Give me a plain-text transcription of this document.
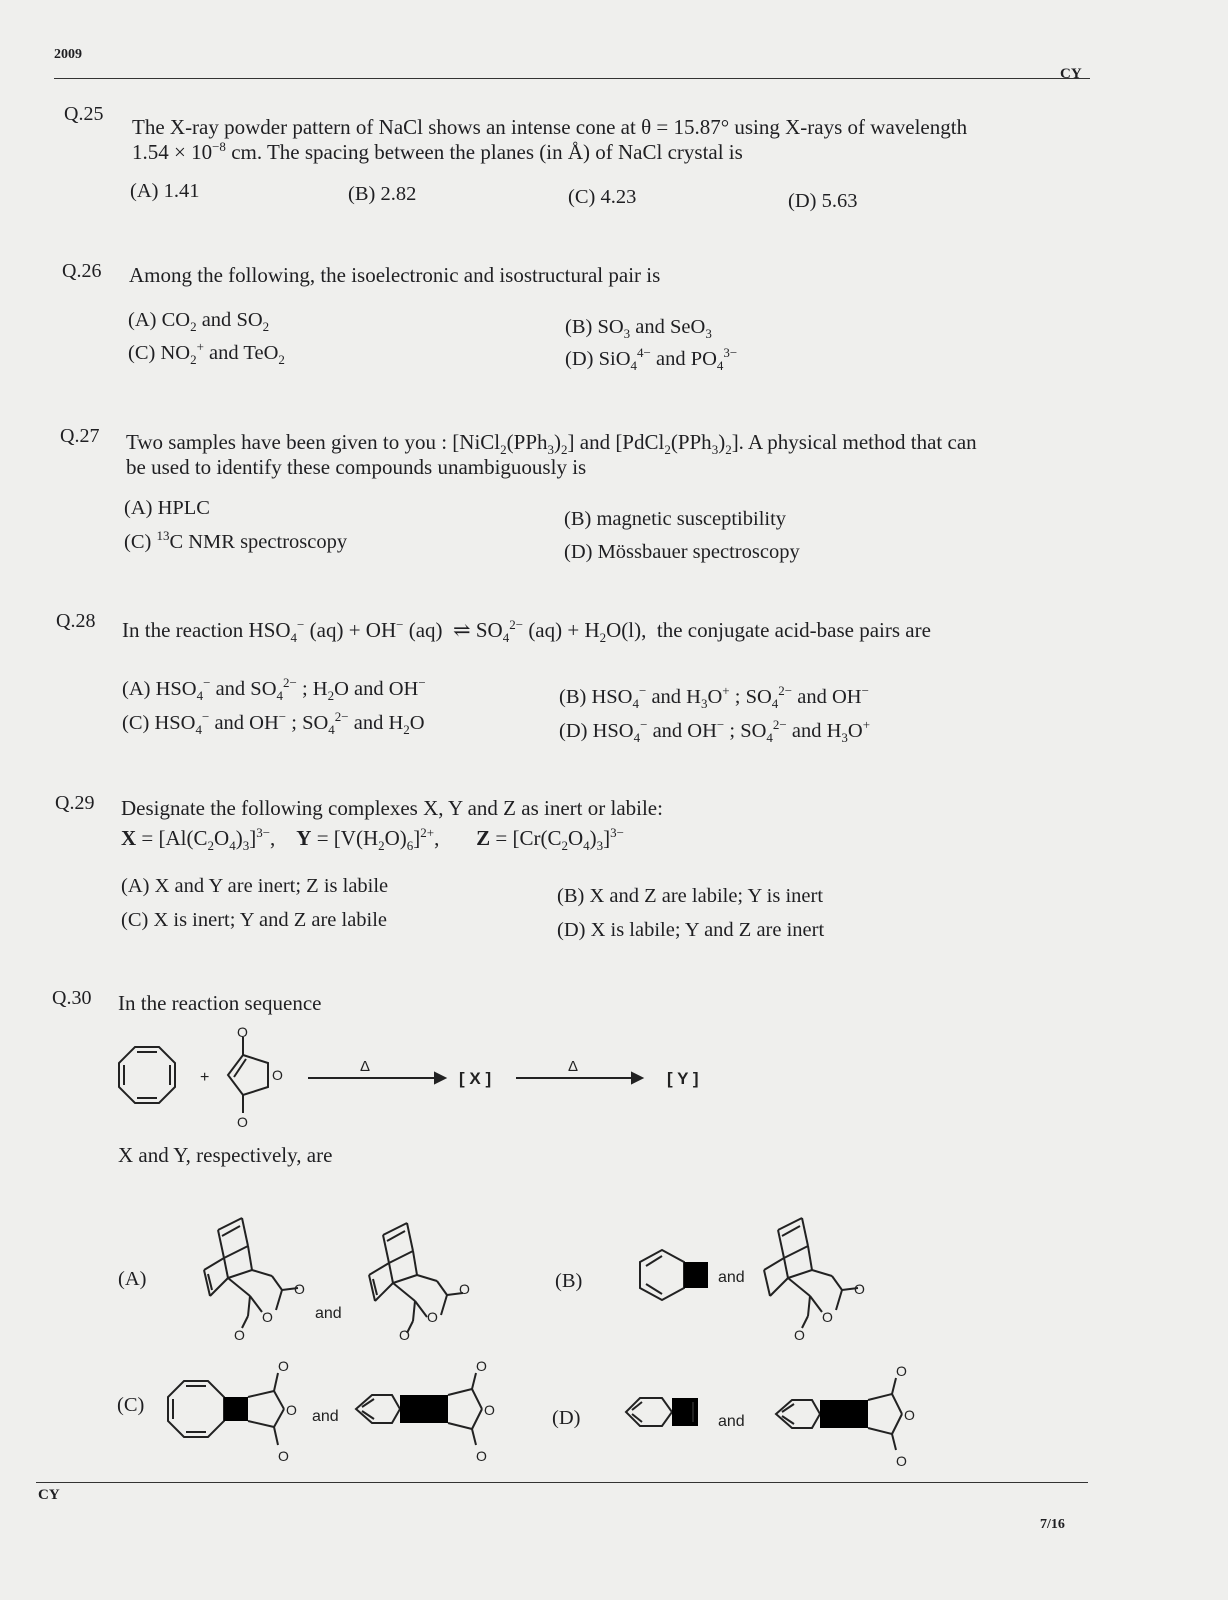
2009
CY
Q.25
The X-ray powder pattern of NaCl shows an intense cone at θ = 15.87° using X-rays of wavelength
$1.54 \times 10^{-8}$ cm. The spacing between the planes (in Å) of NaCl crystal is
(A) 1.41	(B) 2.82	(C) 4.23	(D) 5.63
Q.26 Among the following, the isoelectronic and isostructural pair is
(A) $CO_2$ and $SO_2$	(B) $SO_3$ and SeO$_3$
(C) $NO_2^+$ and TeO$_2$	(D) SiO$_4^{4-}$ and $PO_4^{3-}$
Q.27 Two samples have been given to you : $[NiCl_2(PPh_3)_2]$ and $[PdCl_2(PPh_3)_2]$. A physical method that can
be used to identify these compounds unambiguously is
(A) HPLC	(B) magnetic susceptibility
(C) $^{13}$C NMR spectroscopy	(D) Mössbauer spectroscopy
Q.28 In the reaction $HSO_4^-$ (aq) + OH− (aq)  ⇌ $SO_4^{2-}$ $(aq) + H_2O(l)$,  the conjugate acid-base pairs are
(A) $HSO_4^-$ and $SO_4^{2-}$ ; $H_2O$ and OH−
(B) $HSO_4^-$ and $H_3O^+$ ; $SO_4^{2-}$ and OH−
(C) $HSO_4^-$ and OH− ; $SO_4^{2-}$ and $H_2O$	(D) $HSO_4^-$ and OH− ; $SO_4^{2-}$ and $H_3O^+$
Q.29 Designate the following complexes X, Y and Z as inert or labile:
$X = [Al(C_2O_4)_3]^{3-}$,    $Y = [V(H_2O)_6]^{2+}$,       $Z = [Cr(C_2O_4)_3]^{3-}$
(A) X and Y are inert; Z is labile	(B) X and Z are labile; Y is inert
(C) X is inert; Y and Z are labile	(D) X is labile; Y and Z are inert
Q.30 In the reaction sequence
+
O
O
O
Δ
[ X ]
Δ
[ Y ]
X and Y, respectively, are
(A)	O
O
O
and
O
O
O
(B)	and
O
O
O
(C)
O
O
O
and
O
O
O
(D)	and
O
O
O
CY
7/16
